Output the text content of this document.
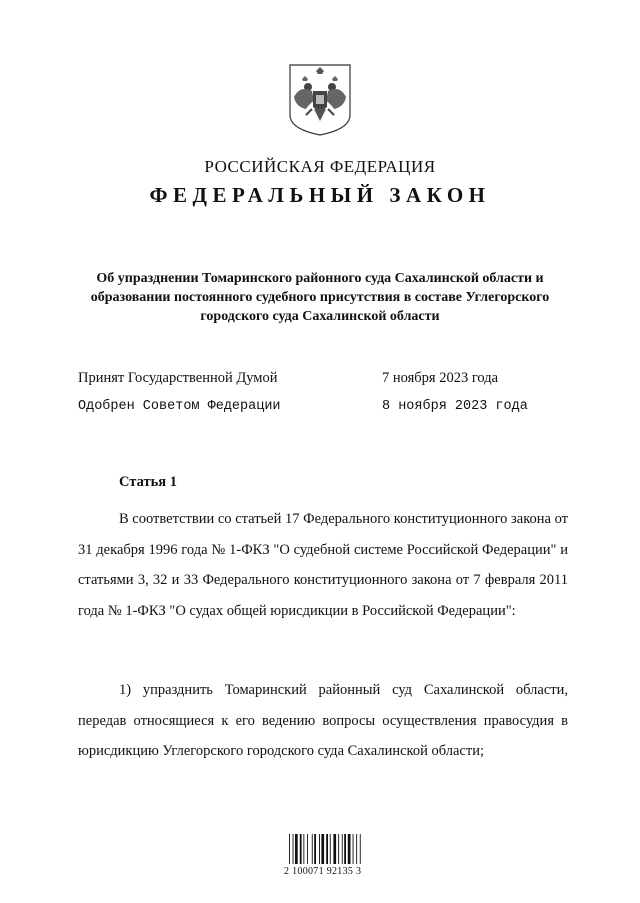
РОССИЙСКАЯ ФЕДЕРАЦИЯ
ФЕДЕРАЛЬНЫЙ ЗАКОН
Об упразднении Томаринского районного суда Сахалинской области и образовании постоянного судебного присутствия в составе Углегорского городского суда Сахалинской области
Принят Государственной Думой	7 ноября 2023 года
Одобрен Советом Федерации	8 ноября 2023 года
Статья 1
В соответствии со статьей 17 Федерального конституционного закона от 31 декабря 1996 года № 1-ФКЗ "О судебной системе Российской Федерации" и статьями 3, 32 и 33 Федерального конституционного закона от 7 февраля 2011 года № 1-ФКЗ "О судах общей юрисдикции в Российской Федерации":
1) упразднить Томаринский районный суд Сахалинской области, передав относящиеся к его ведению вопросы осуществления правосудия в юрисдикцию Углегорского городского суда Сахалинской области;
2 100071 92135 3
